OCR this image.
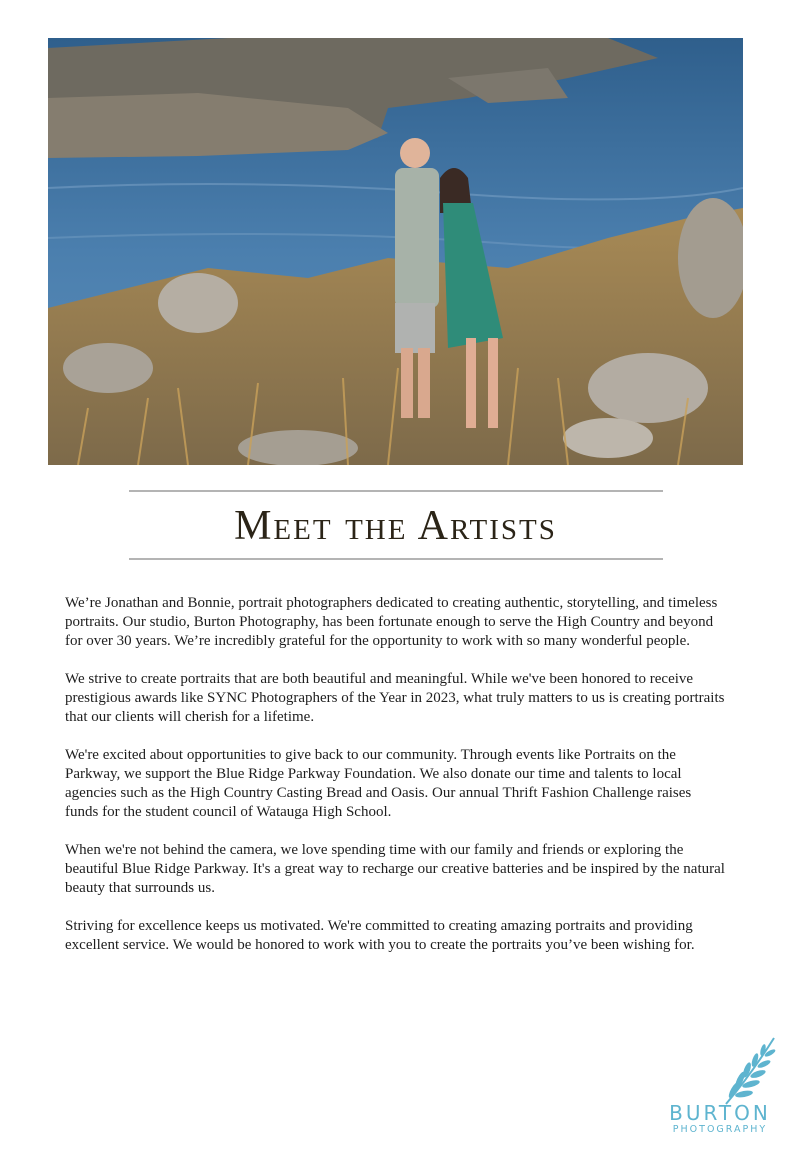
Meet the Artists

We’re Jonathan and Bonnie, portrait photographers dedicated to creating authentic, storytelling, and timeless portraits. Our studio, Burton Photography, has been fortunate enough to serve the High Country and beyond for over 30 years. We’re incredibly grateful for the opportunity to work with so many wonderful people.

We strive to create portraits that are both beautiful and meaningful. While we've been honored to receive prestigious awards like SYNC Photographers of the Year in 2023, what truly matters to us is creating portraits that our clients will cherish for a lifetime.

We're excited about opportunities to give back to our community. Through events like Portraits on the Parkway, we support the Blue Ridge Parkway Foundation. We also donate our time and talents to local agencies such as the High Country Casting Bread and Oasis. Our annual Thrift Fashion Challenge raises funds for the student council of Watauga High School.

When we're not behind the camera, we love spending time with our family and friends or exploring the beautiful Blue Ridge Parkway. It's a great way to recharge our creative batteries and be inspired by the natural beauty that surrounds us.

Striving for excellence keeps us motivated. We're committed to creating amazing portraits and providing excellent service. We would be honored to work with you to create the portraits you’ve been wishing for.

BURTON
PHOTOGRAPHY
